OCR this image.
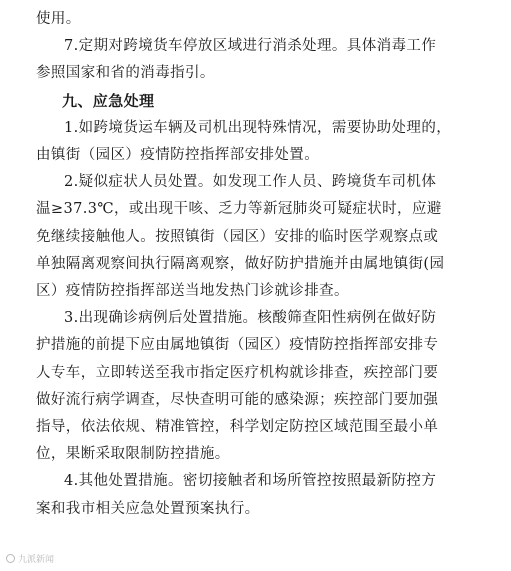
使用。
7.定期对跨境货车停放区域进行消杀处理。具体消毒工作
参照国家和省的消毒指引。
九、应急处理
1.如跨境货运车辆及司机出现特殊情况，需要协助处理的，
由镇街（园区）疫情防控指挥部安排处置。
2.疑似症状人员处置。如发现工作人员、跨境货车司机体
温≥37.3℃，或出现干咳、乏力等新冠肺炎可疑症状时，应避
免继续接触他人。按照镇街（园区）安排的临时医学观察点或
单独隔离观察间执行隔离观察，做好防护措施并由属地镇街(园
区）疫情防控指挥部送当地发热门诊就诊排查。
3.出现确诊病例后处置措施。核酸筛查阳性病例在做好防
护措施的前提下应由属地镇街（园区）疫情防控指挥部安排专
人专车，立即转送至我市指定医疗机构就诊排查，疾控部门要
做好流行病学调查，尽快查明可能的感染源；疾控部门要加强
指导，依法依规、精准管控，科学划定防控区域范围至最小单
位，果断采取限制防控措施。
4.其他处置措施。密切接触者和场所管控按照最新防控方
案和我市相关应急处置预案执行。
九派新闻
